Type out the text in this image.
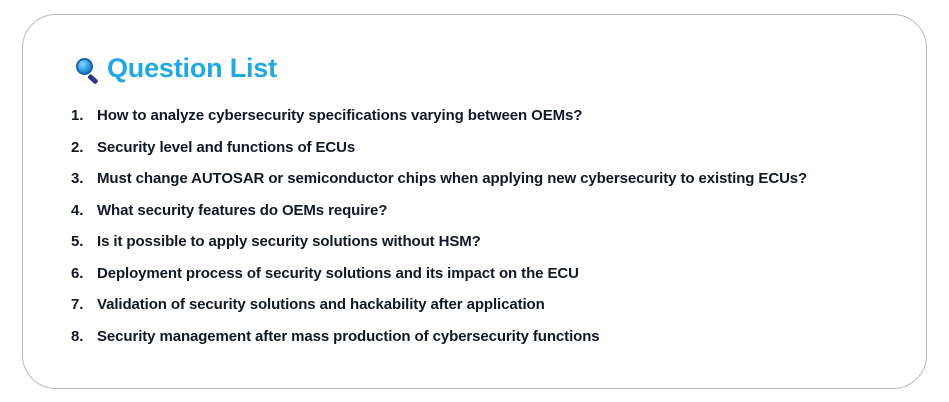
Question List
1. How to analyze cybersecurity specifications varying between OEMs?
2. Security level and functions of ECUs
3. Must change AUTOSAR or semiconductor chips when applying new cybersecurity to existing ECUs?
4. What security features do OEMs require?
5. Is it possible to apply security solutions without HSM?
6. Deployment process of security solutions and its impact on the ECU
7. Validation of security solutions and hackability after application
8. Security management after mass production of cybersecurity functions
